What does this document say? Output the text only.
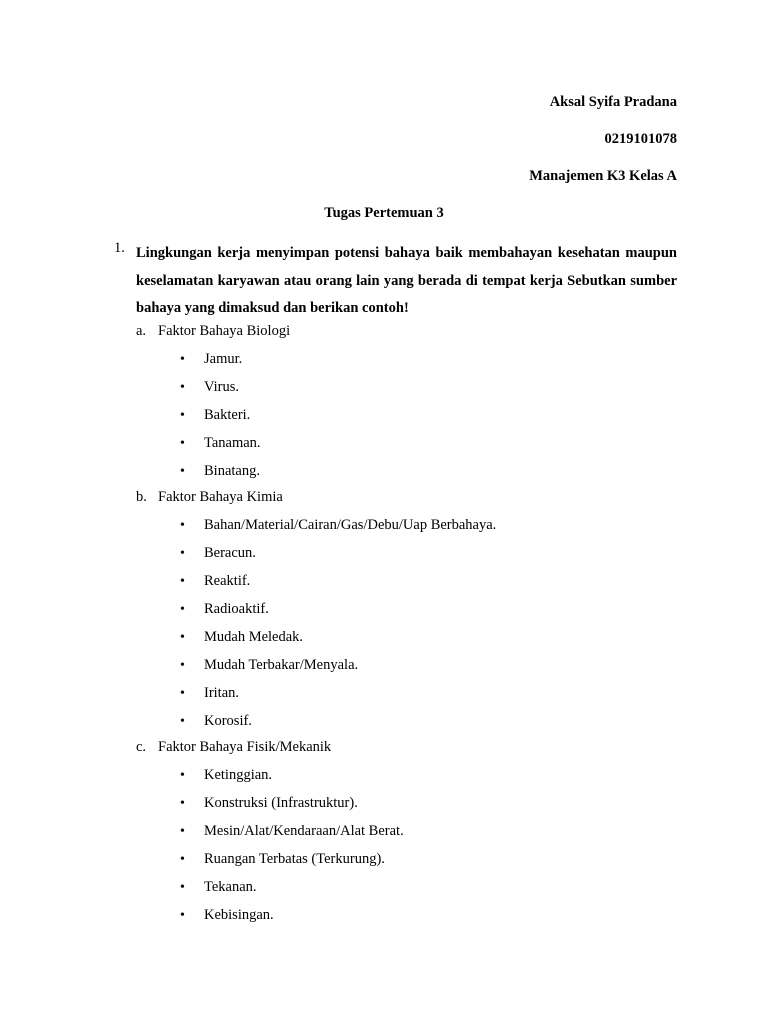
Aksal Syifa Pradana
0219101078
Manajemen K3 Kelas A
Tugas Pertemuan 3
1. Lingkungan kerja menyimpan potensi bahaya baik membahayan kesehatan maupun keselamatan karyawan atau orang lain yang berada di tempat kerja Sebutkan sumber bahaya yang dimaksud dan berikan contoh!
a. Faktor Bahaya Biologi
• Jamur.
• Virus.
• Bakteri.
• Tanaman.
• Binatang.
b. Faktor Bahaya Kimia
• Bahan/Material/Cairan/Gas/Debu/Uap Berbahaya.
• Beracun.
• Reaktif.
• Radioaktif.
• Mudah Meledak.
• Mudah Terbakar/Menyala.
• Iritan.
• Korosif.
c. Faktor Bahaya Fisik/Mekanik
• Ketinggian.
• Konstruksi (Infrastruktur).
• Mesin/Alat/Kendaraan/Alat Berat.
• Ruangan Terbatas (Terkurung).
• Tekanan.
• Kebisingan.
